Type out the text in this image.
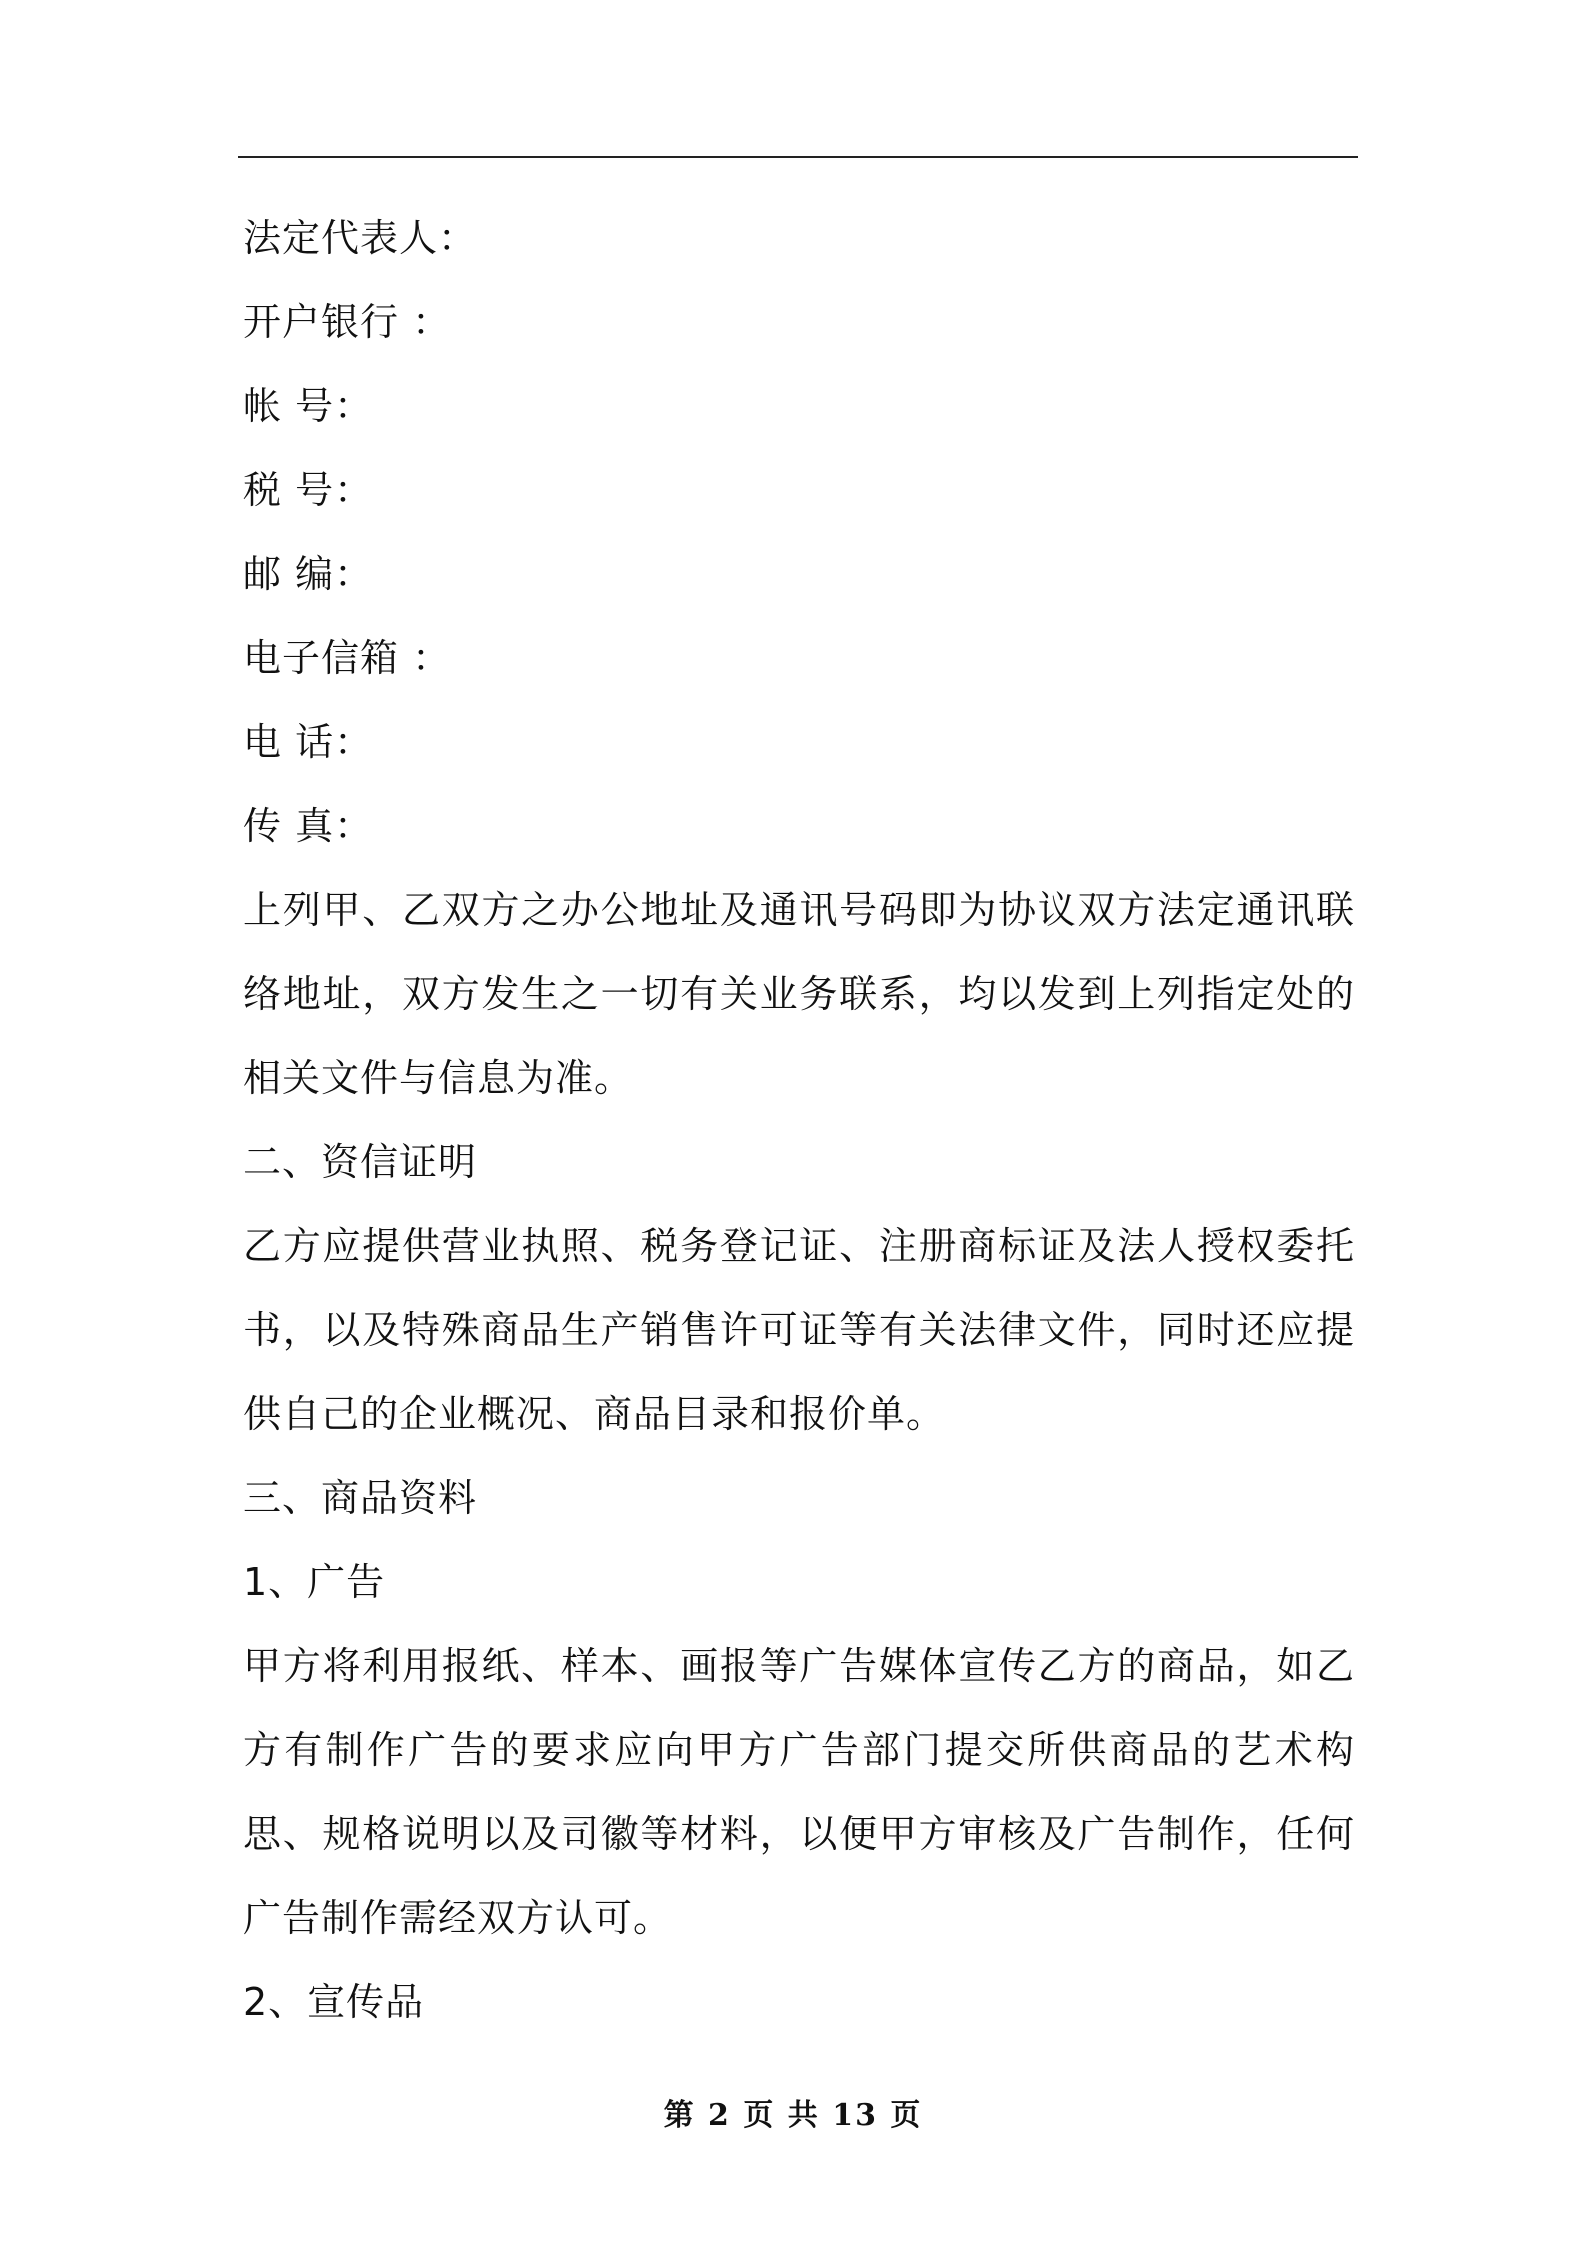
法定代表人：
开户银行 ：
帐 号：
税 号：
邮 编：
电子信箱 ：
电 话：
传 真：
上列甲、乙双方之办公地址及通讯号码即为协议双方法定通讯联络地址，双方发生之一切有关业务联系，均以发到上列指定处的相关文件与信息为准。
二、资信证明
乙方应提供营业执照、税务登记证、注册商标证及法人授权委托书，以及特殊商品生产销售许可证等有关法律文件，同时还应提供自己的企业概况、商品目录和报价单。
三、商品资料
1、广告
甲方将利用报纸、样本、画报等广告媒体宣传乙方的商品，如乙方有制作广告的要求应向甲方广告部门提交所供商品的艺术构思、规格说明以及司徽等材料，以便甲方审核及广告制作，任何广告制作需经双方认可。
2、宣传品
第 2 页 共 13 页
